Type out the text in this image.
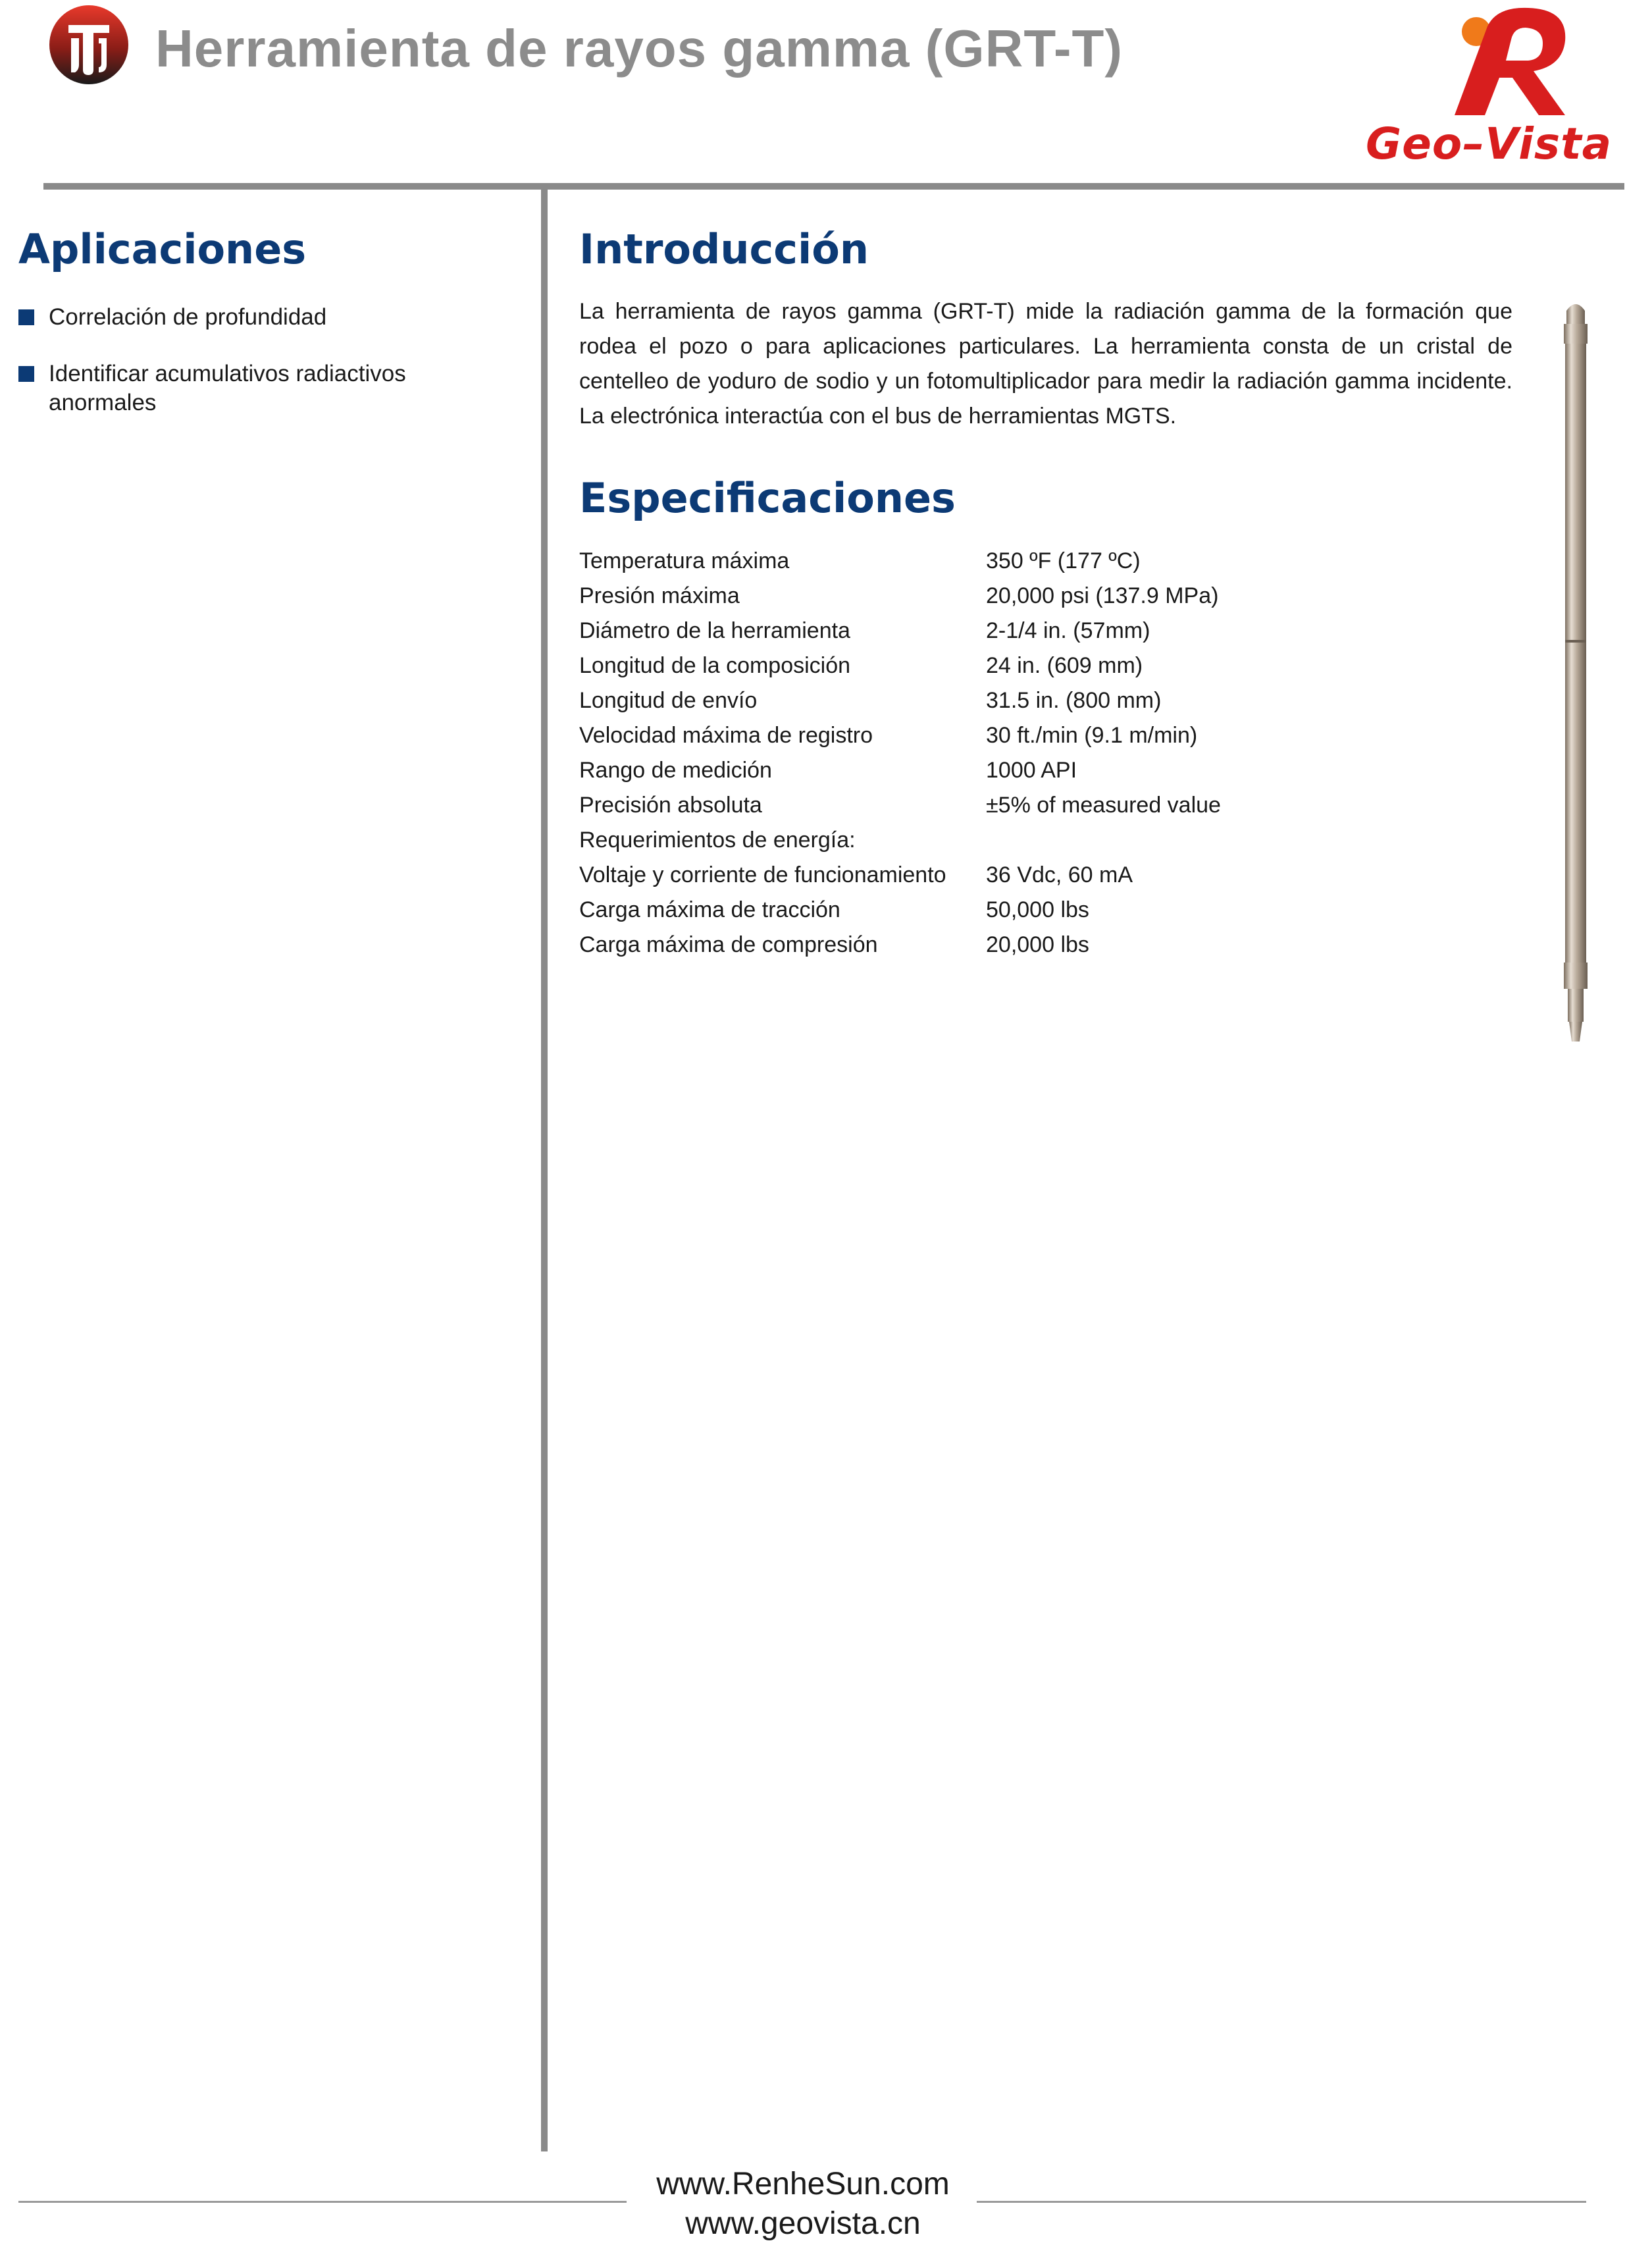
Herramienta de rayos gamma (GRT-T)
Geo–Vista
Aplicaciones
Correlación de profundidad
Identificar acumulativos radiactivos anormales
Introducción
La herramienta de rayos gamma (GRT-T) mide la radiación gamma de la formación que rodea el pozo o para aplicaciones particulares. La herramienta consta de un cristal de centelleo de yoduro de sodio y un fotomultiplicador para medir la radiación gamma incidente. La electrónica interactúa con el bus de herramientas MGTS.
Especificaciones
Temperatura máxima	350 ºF (177 ºC)
Presión máxima	20,000 psi (137.9 MPa)
Diámetro de la herramienta	2-1/4 in. (57mm)
Longitud de la composición	24 in. (609 mm)
Longitud de envío	31.5 in. (800 mm)
Velocidad máxima de registro	30 ft./min (9.1 m/min)
Rango de medición	1000 API
Precisión absoluta	±5% of measured value
Requerimientos de energía:
Voltaje y corriente de funcionamiento 36 Vdc, 60 mA
Carga máxima de tracción	50,000 lbs
Carga máxima de compresión	20,000 lbs
www.RenheSun.com
www.geovista.cn
